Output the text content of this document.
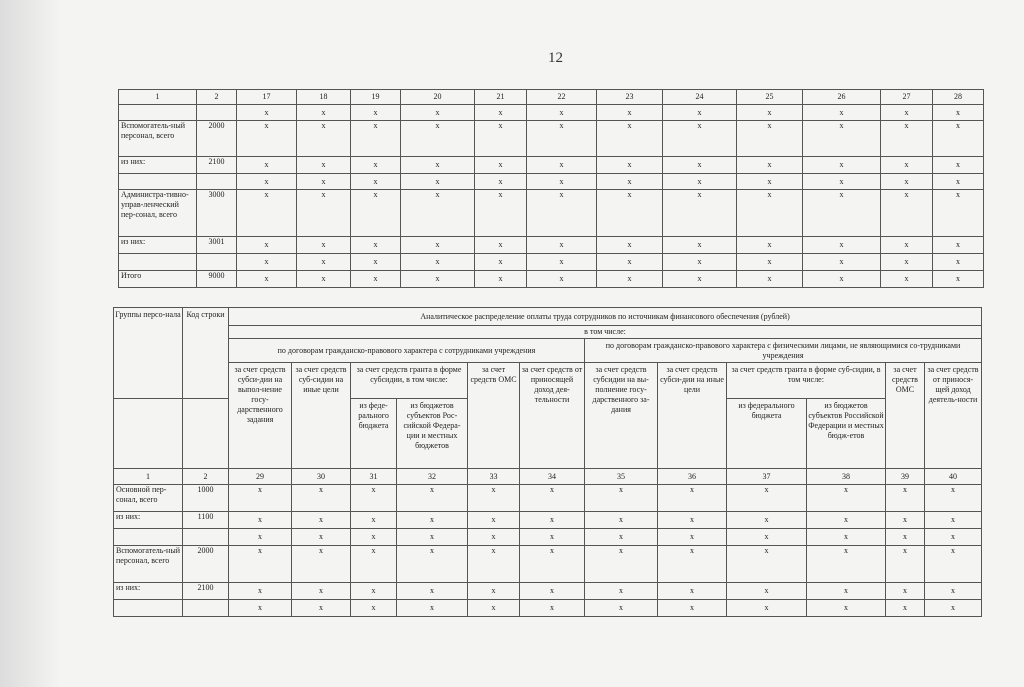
12
1	2	17	18	19	20	21	22	23	24	25	26	27	28
		x	x	x	x	x	x	x	x	x	x	x	x
Вспомогатель-ный персонал, всего	2000	x	x	x	x	x	x	x	x	x	x	x	x
из них:	2100	x	x	x	x	x	x	x	x	x	x	x	x
		x	x	x	x	x	x	x	x	x	x	x	x
Администра-тивно-управ-ленческий пер-сонал, всего	3000	x	x	x	x	x	x	x	x	x	x	x	x
из них:	3001	x	x	x	x	x	x	x	x	x	x	x	x
		x	x	x	x	x	x	x	x	x	x	x	x
Итого	9000	x	x	x	x	x	x	x	x	x	x	x	x
Группы персо-нала	Код строки	Аналитическое распределение оплаты труда сотрудников по источникам финансового обеспечения (рублей)											
		в том числе:											
		по договорам гражданско-правового характера с сотрудниками учреждения						по договорам гражданско-правового характера с физическими лицами, не являющимися со-трудниками учреждения					
		за счет средств субси-дии на выпол-нение госу-дарственного задания	за счет средств суб-сидии на иные цели	за счет средств гранта в форме субсидии, в том числе:		за счет средств ОМС	за счет средств от приносящей доход дея-тельности	за счет средств субсидии на вы-полнение госу-дарственного за-дания	за счет средств субси-дии на иные цели	за счет средств гранта в форме суб-сидии, в том числе:		за счет средств ОМС	за счет средств от принося-щей доход деятель-ности
				из феде-рального бюджета	из бюджетов субъектов Рос-сийской Федера-ции и местных бюджетов					из федерального бюджета	из бюджетов субъектов Российской Федерации и местных бюдж-етов		
1	2	29	30	31	32	33	34	35	36	37	38	39	40
Основной пер-сонал, всего	1000	x	x	x	x	x	x	x	x	x	x	x	x
из них:	1100	x	x	x	x	x	x	x	x	x	x	x	x
		x	x	x	x	x	x	x	x	x	x	x	x
Вспомогатель-ный персонал, всего	2000	x	x	x	x	x	x	x	x	x	x	x	x
из них:	2100	x	x	x	x	x	x	x	x	x	x	x	x
		x	x	x	x	x	x	x	x	x	x	x	x
